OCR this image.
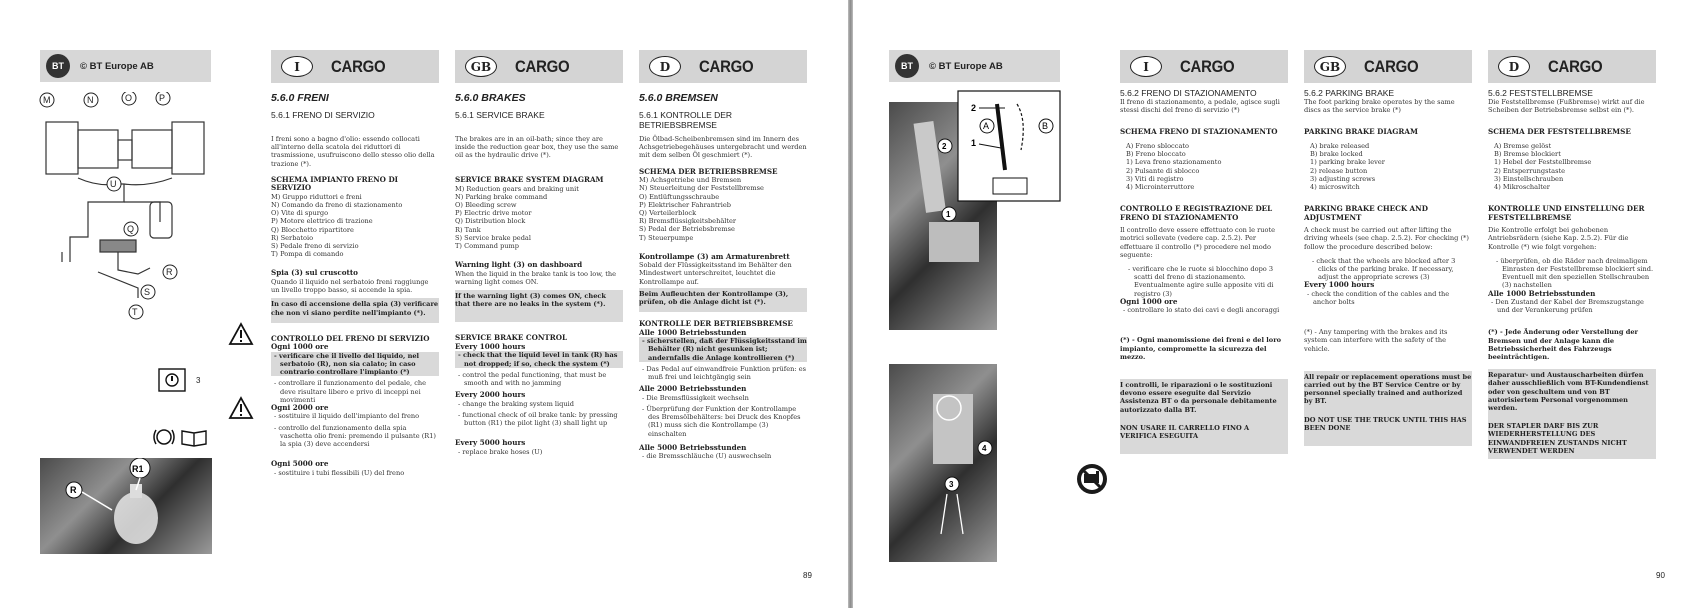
BT	© BT Europe AB
M	N	O	P
U
Q
R
S
T
3
R1
R
I	CARGO
5.6.0 FRENI
5.6.1 FRENO DI SERVIZIO

I freni sono a bagno d'olio: essendo collocati all'interno della scatola dei riduttori di trasmissione, usufruiscono dello stesso olio della trazione (*).

SCHEMA IMPIANTO FRENO DI SERVIZIO
M) Gruppo riduttori e freni
N) Comando da freno di stazionamento
O) Vite di spurgo
P) Motore elettrico di trazione
Q) Blocchetto ripartitore
R) Serbatoio
S) Pedale freno di servizio
T) Pompa di comando
Spia (3) sul cruscotto

Quando il liquido nel serbatoio freni raggiunge un livello troppo basso, si accende la spia.

In caso di accensione della spia (3) verificare che non vi siano perdite nell'impianto (*).

CONTROLLO DEL FRENO DI SERVIZIO
Ogni 1000 ore

- verificare che il livello del liquido, nel serbatoio (R), non sia calato; in caso contrario controllare l'impianto (*)

- controllare il funzionamento del pedale, che deve risultare libero e privo di inceppi nei movimenti

Ogni 2000 ore

- sostituire il liquido dell'impianto del freno

- controllo del funzionamento della spia vaschetta olio freni: premendo il pulsante (R1) la spia (3) deve accendersi

Ogni 5000 ore

- sostituire i tubi flessibili (U) del freno

GB	CARGO
5.6.0 BRAKES
5.6.1 SERVICE BRAKE

The brakes are in an oil-bath; since they are inside the reduction gear box, they use the same oil as the hydraulic drive (*).

SERVICE BRAKE SYSTEM DIAGRAM
M) Reduction gears and braking unit
N) Parking brake command
O) Bleeding screw
P) Electric drive motor
Q) Distribution block
R) Tank
S) Service brake pedal
T) Command pump
Warning light (3) on dashboard

When the liquid in the brake tank is too low, the warning light comes ON.

If the warning light (3) comes ON, check that there are no leaks in the system (*).

SERVICE BRAKE CONTROL
Every 1000 hours

- check that the liquid level in tank (R) has not dropped; if so, check the system (*)

- control the pedal functioning, that must be smooth and with no jamming

Every 2000 hours

- change the braking system liquid

- functional check of oil brake tank: by pressing button (R1) the pilot light (3) shall light up

Every 5000 hours

- replace brake hoses (U)

D	CARGO
5.6.0 BREMSEN
5.6.1 KONTROLLE DER BETRIEBSBREMSE

Die Ölbad-Scheibenbremsen sind im Innern des Achsgetriebegehäuses untergebracht und werden mit dem selben Öl geschmiert (*).

SCHEMA DER BETRIEBSBREMSE
M) Achsgetriebe und Bremsen
N) Steuerleitung der Feststellbremse
O) Entlüftungsschraube
P) Elektrischer Fahrantrieb
Q) Verteilerblock
R) Bremsflüssigkeitsbehälter
S) Pedal der Betriebsbremse
T) Steuerpumpe
Kontrollampe (3) am Armaturenbrett

Sobald der Flüssigkeitsstand im Behälter den Mindestwert unterschreitet, leuchtet die Kontrollampe auf.

Beim Aufleuchten der Kontrollampe (3), prüfen, ob die Anlage dicht ist (*).

KONTROLLE DER BETRIEBSBREMSE
Alle 1000 Betriebsstunden

- sicherstellen, daß der Flüssigkeitsstand im Behälter (R) nicht gesunken ist; andernfalls die Anlage kontrollieren (*)

- Das Pedal auf einwandfreie Funktion prüfen: es muß frei und leichtgängig sein

Alle 2000 Betriebsstunden

- Die Bremsflüssigkeit wechseln

- Überprüfung der Funktion der Kontrollampe des Bremsölbehälters: bei Druck des Knopfes (R1) muss sich die Kontrollampe (3) einschalten

Alle 5000 Betriebsstunden

- die Bremsschläuche (U) auswechseln

89
BT	© BT Europe AB
2
1
2
A	B
1
4
3
I	CARGO
5.6.2 FRENO DI STAZIONAMENTO

Il freno di stazionamento, a pedale, agisce sugli stessi dischi del freno di servizio (*)

SCHEMA FRENO DI STAZIONAMENTO
A) Freno sbloccato
B) Freno bloccato
1) Leva freno stazionamento
2) Pulsante di sblocco
3) Viti di registro
4) Microinterruttore
CONTROLLO E REGISTRAZIONE DEL FRENO DI STAZIONAMENTO

Il controllo deve essere effettuato con le ruote motrici sollevate (vedere cap. 2.5.2). Per effettuare il controllo (*) procedere nel modo seguente:

- verificare che le ruote si blocchino dopo 3 scatti del freno di stazionamento. Eventualmente agire sulle apposite viti di registro (3)

Ogni 1000 ore

- controllare lo stato dei cavi e degli ancoraggi

(*) - Ogni manomissione dei freni e del loro impianto, compromette la sicurezza del mezzo.

I controlli, le riparazioni o le sostituzioni devono essere eseguite dal Servizio Assistenza BT o da personale debitamente autorizzato dalla BT.

NON USARE IL CARRELLO FINO A VERIFICA ESEGUITA

GB	CARGO
5.6.2 PARKING BRAKE

The foot parking brake operates by the same discs as the service brake (*)

PARKING BRAKE DIAGRAM
A) brake released
B) brake locked
1) parking brake lever
2) release button
3) adjusting screws
4) microswitch
PARKING BRAKE CHECK AND ADJUSTMENT

A check must be carried out after lifting the driving wheels (see chap. 2.5.2). For checking (*) follow the procedure described below:

- check that the wheels are blocked after 3 clicks of the parking brake. If necessary, adjust the appropriate screws (3)

Every 1000 hours

- check the condition of the cables and the anchor bolts

(*) - Any tampering with the brakes and its system can interfere with the safety of the vehicle.

All repair or replacement operations must be carried out by the BT Service Centre or by personnel specially trained and authorized by BT.

DO NOT USE THE TRUCK UNTIL THIS HAS BEEN DONE

D	CARGO
5.6.2 FESTSTELLBREMSE

Die Feststellbremse (Fußbremse) wirkt auf die Scheiben der Betriebsbremse selbst ein (*).

SCHEMA DER FESTSTELLBREMSE
A) Bremse gelöst
B) Bremse blockiert
1) Hebel der Feststellbremse
2) Entsperrungstaste
3) Einstellschrauben
4) Mikroschalter
KONTROLLE UND EINSTELLUNG DER FESTSTELLBREMSE

Die Kontrolle erfolgt bei gehobenen Antriebsrädern (siehe Kap. 2.5.2). Für die Kontrolle (*) wie folgt vorgehen:

- überprüfen, ob die Räder nach dreimaligem Einrasten der Feststellbremse blockiert sind. Eventuell mit den speziellen Stellschrauben (3) nachstellen

Alle 1000 Betriebsstunden

- Den Zustand der Kabel der Bremszugstange und der Verankerung prüfen

(*) - Jede Änderung oder Verstellung der Bremsen und der Anlage kann die Betriebssicherheit des Fahrzeugs beeinträchtigen.

Reparatur- und Austauscharbeiten dürfen daher ausschließlich vom BT-Kundendienst oder von geschultem und von BT autorisiertem Personal vorgenommen werden.

DER STAPLER DARF BIS ZUR WIEDERHERSTELLUNG DES EINWANDFREIEN ZUSTANDS NICHT VERWENDET WERDEN

90
